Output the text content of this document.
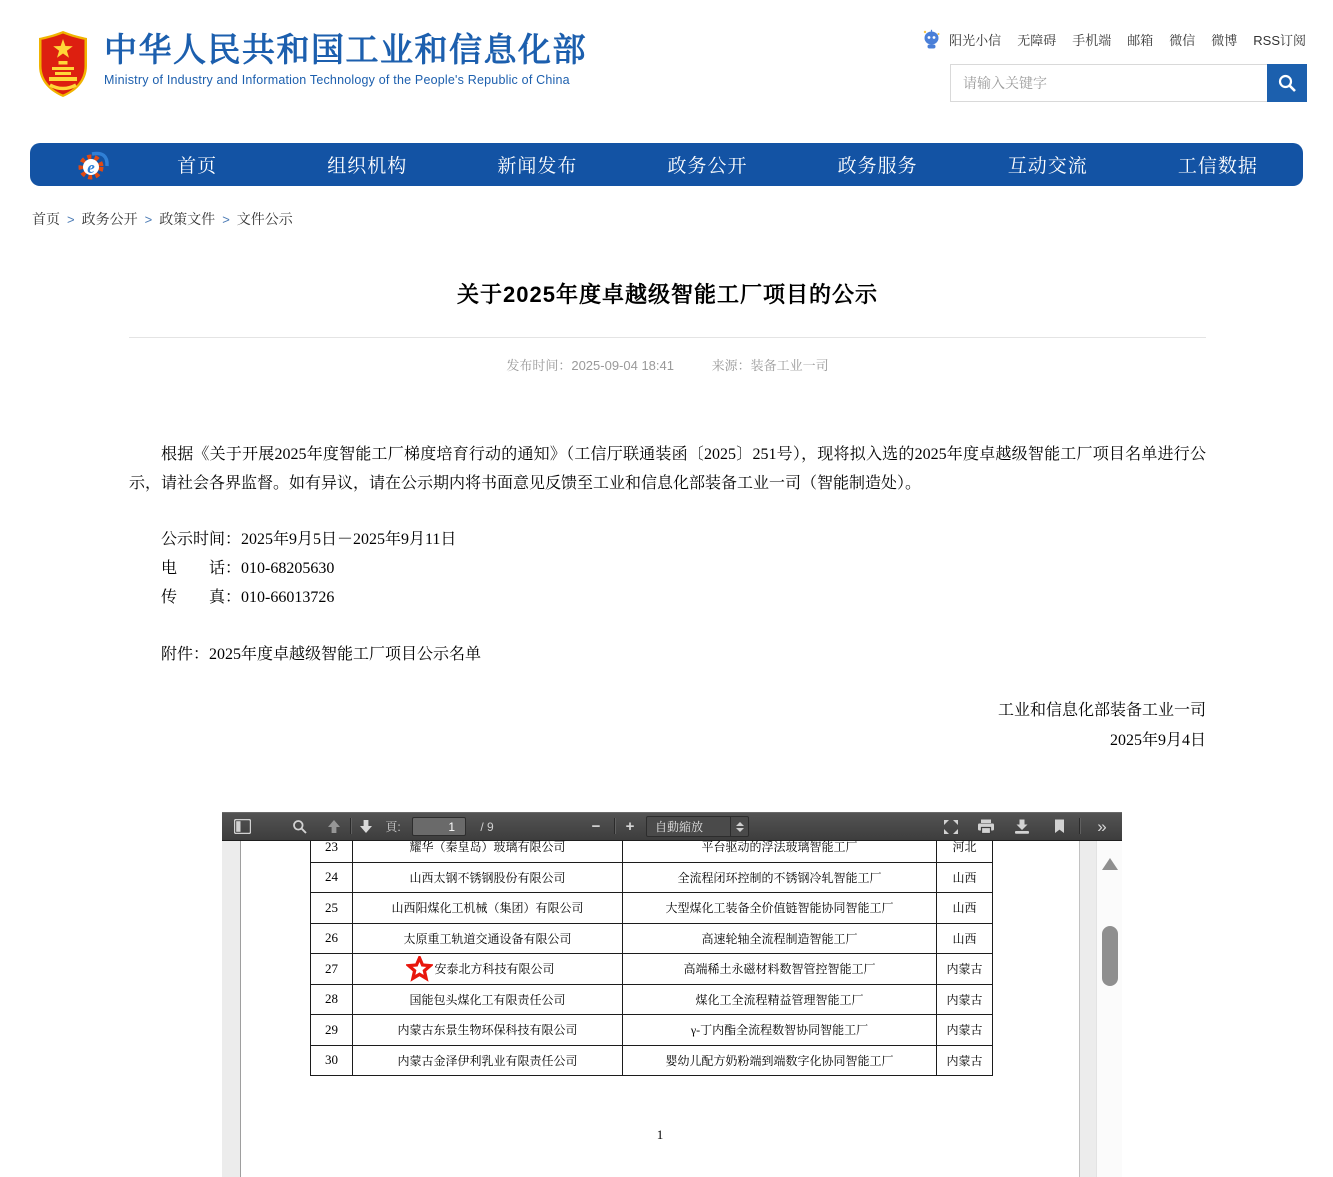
中华人民共和国工业和信息化部
Ministry of Industry and Information Technology of the People's Republic of China
阳光小信 无障碍 手机端 邮箱 微信 微博 RSS订阅
请输入关键字
e	首页	组织机构	新闻发布	政务公开	政务服务	互动交流	工信数据
首页 > 政务公开 > 政策文件 > 文件公示
关于2025年度卓越级智能工厂项目的公示
发布时间：2025-09-04 18:41	来源：装备工业一司

根据《关于开展2025年度智能工厂梯度培育行动的通知》（工信厅联通装函〔2025〕251号），现将拟入选的2025年度卓越级智能工厂项目名单进行公示，请社会各界监督。如有异议，请在公示期内将书面意见反馈至工业和信息化部装备工业一司（智能制造处）。

公示时间：2025年9月5日－2025年9月11日

电　　话：010-68205630

传　　真：010-66013726

附件：2025年度卓越级智能工厂项目公示名单

工业和信息化部装备工业一司

2025年9月4日

頁:
1	/ 9	−	+	自動縮放	»
23	耀华（秦皇岛）玻璃有限公司	平台驱动的浮法玻璃智能工厂	河北
24	山西太钢不锈钢股份有限公司	全流程闭环控制的不锈钢冷轧智能工厂	山西
25	山西阳煤化工机械（集团）有限公司	大型煤化工装备全价值链智能协同智能工厂	山西
26	太原重工轨道交通设备有限公司	高速轮轴全流程制造智能工厂	山西
27	安泰北方科技有限公司	高端稀土永磁材料数智管控智能工厂	内蒙古
28	国能包头煤化工有限责任公司	煤化工全流程精益管理智能工厂	内蒙古
29	内蒙古东景生物环保科技有限公司	γ-丁内酯全流程数智协同智能工厂	内蒙古
30	内蒙古金泽伊利乳业有限责任公司	婴幼儿配方奶粉端到端数字化协同智能工厂	内蒙古
1
